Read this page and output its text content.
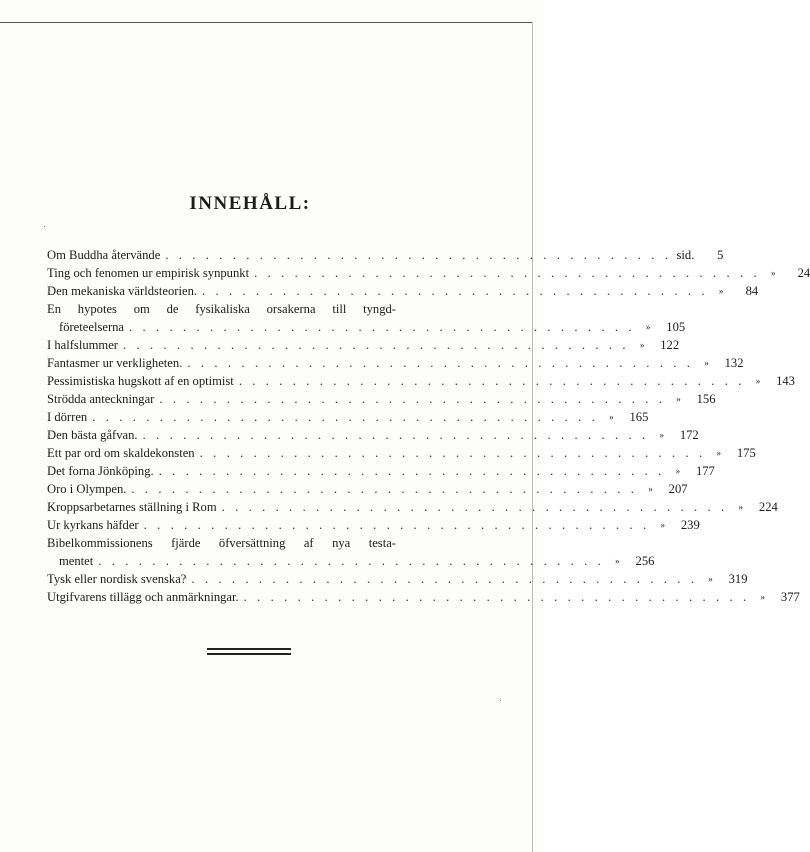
INNEHÅLL:
Om Buddha återvände . . . . . . . . . . . . . . . . . . . . . . . . . . . . . . . . . . . . . . sid.	5
Ting och fenomen ur empirisk synpunkt . . . . . . . . . . . . . . . . . . . . . . . . . . . . . . . . . . . . . .	»	24
Den mekaniska världsteorien. . . . . . . . . . . . . . . . . . . . . . . . . . . . . . . . . . . . . . .	»	84
En hypotes om de fysikaliska orsakerna till tyngd-
företeelserna . . . . . . . . . . . . . . . . . . . . . . . . . . . . . . . . . . . . . .	»	105
I halfslummer . . . . . . . . . . . . . . . . . . . . . . . . . . . . . . . . . . . . . .	»	122
Fantasmer ur verkligheten. . . . . . . . . . . . . . . . . . . . . . . . . . . . . . . . . . . . . . .	»	132
Pessimistiska hugskott af en optimist . . . . . . . . . . . . . . . . . . . . . . . . . . . . . . . . . . . . . .	»	143
Strödda anteckningar . . . . . . . . . . . . . . . . . . . . . . . . . . . . . . . . . . . . . .	»	156
I dörren . . . . . . . . . . . . . . . . . . . . . . . . . . . . . . . . . . . . . .	»	165
Den bästa gåfvan. . . . . . . . . . . . . . . . . . . . . . . . . . . . . . . . . . . . . . .	»	172
Ett par ord om skaldekonsten . . . . . . . . . . . . . . . . . . . . . . . . . . . . . . . . . . . . . .	»	175
Det forna Jönköping. . . . . . . . . . . . . . . . . . . . . . . . . . . . . . . . . . . . . . .	»	177
Oro i Olympen. . . . . . . . . . . . . . . . . . . . . . . . . . . . . . . . . . . . . . .	»	207
Kroppsarbetarnes ställning i Rom . . . . . . . . . . . . . . . . . . . . . . . . . . . . . . . . . . . . . .	»	224
Ur kyrkans häfder . . . . . . . . . . . . . . . . . . . . . . . . . . . . . . . . . . . . . .	»	239
Bibelkommissionens fjärde öfversättning af nya testa-
mentet . . . . . . . . . . . . . . . . . . . . . . . . . . . . . . . . . . . . . .	»	256
Tysk eller nordisk svenska? . . . . . . . . . . . . . . . . . . . . . . . . . . . . . . . . . . . . . .	»	319
Utgifvarens tillägg och anmärkningar. . . . . . . . . . . . . . . . . . . . . . . . . . . . . . . . . . . . . . .	»	377
